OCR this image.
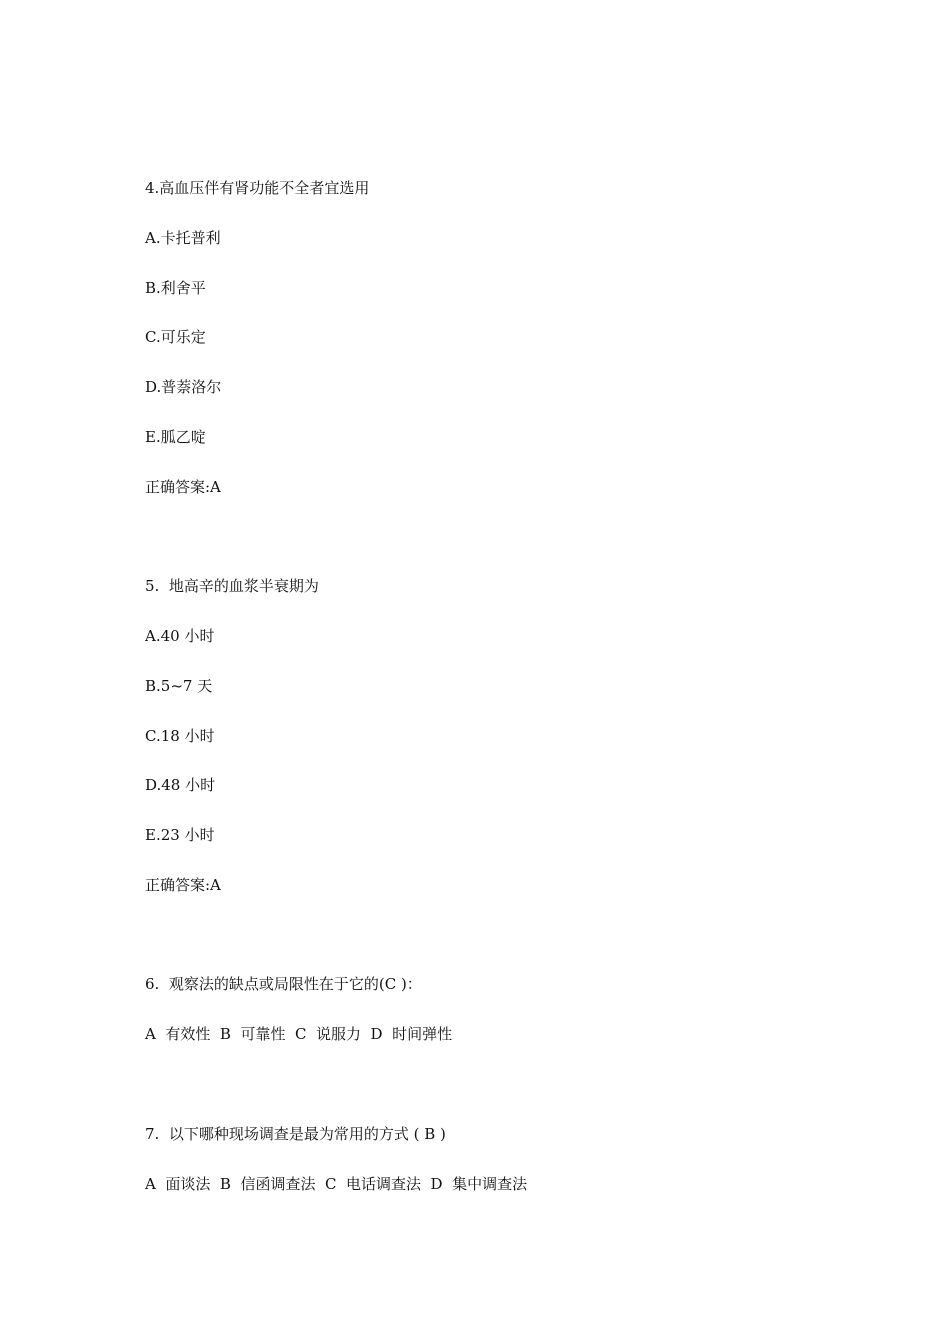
4.高血压伴有肾功能不全者宜选用
A.卡托普利
B.利舍平
C.可乐定
D.普萘洛尔
E.胍乙啶
正确答案:A
5.  地高辛的血浆半衰期为
A.40 小时
B.5~7 天
C.18 小时
D.48 小时
E.23 小时
正确答案:A
6.  观察法的缺点或局限性在于它的(C )：
A  有效性  B  可靠性  C  说服力  D  时间弹性
7.  以下哪种现场调查是最为常用的方式 ( B )
A  面谈法  B  信函调查法  C  电话调查法  D  集中调查法
